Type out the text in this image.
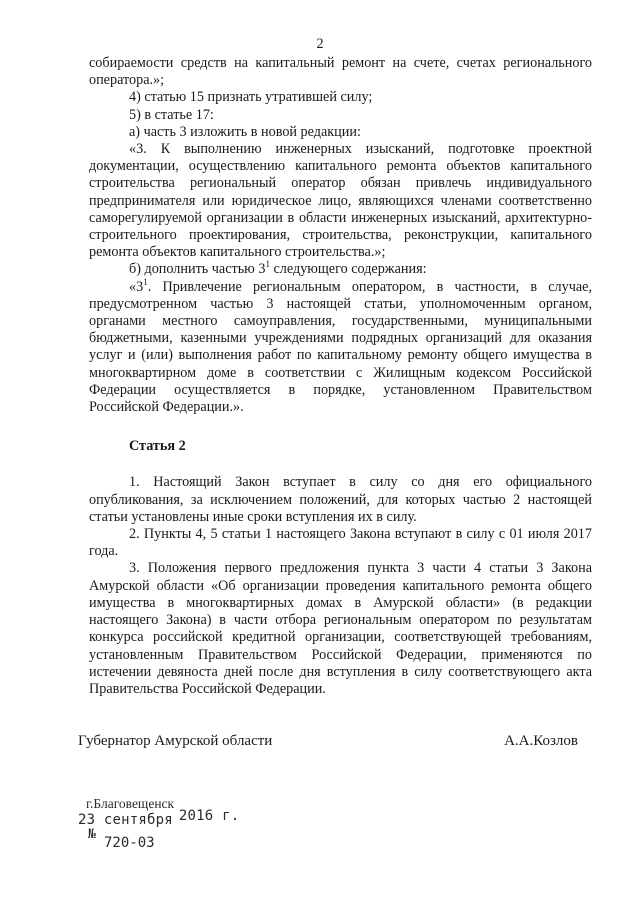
2

собираемости средств на капитальный ремонт на счете, счетах регионального оператора.»;

4) статью 15 признать утратившей силу;

5) в статье 17:

а) часть 3 изложить в новой редакции:

«3. К выполнению инженерных изысканий, подготовке проектной документации, осуществлению капитального ремонта объектов капитального строительства региональный оператор обязан привлечь индивидуального предпринимателя или юридическое лицо, являющихся членами соответственно саморегулируемой организации в области инженерных изысканий, архитектурно-строительного проектирования, строительства, реконструкции, капитального ремонта объектов капитального строительства.»;

б) дополнить частью $3^1$ следующего содержания:

«$3^1$. Привлечение региональным оператором, в частности, в случае, предусмотренном частью 3 настоящей статьи, уполномоченным органом, органами местного самоуправления, государственными, муниципальными бюджетными, казенными учреждениями подрядных организаций для оказания услуг и (или) выполнения работ по капитальному ремонту общего имущества в многоквартирном доме в соответствии с Жилищным кодексом Российской Федерации осуществляется в порядке, установленном Правительством Российской Федерации.».

Статья 2

1. Настоящий Закон вступает в силу со дня его официального опубликования, за исключением положений, для которых частью 2 настоящей статьи установлены иные сроки вступления их в силу.

2. Пункты 4, 5 статьи 1 настоящего Закона вступают в силу с 01 июля 2017 года.

3. Положения первого предложения пункта 3 части 4 статьи 3 Закона Амурской области «Об организации проведения капитального ремонта общего имущества в многоквартирных домах в Амурской области» (в редакции настоящего Закона) в части отбора региональным оператором по результатам конкурса российской кредитной организации, соответствующей требованиям, установленным Правительством Российской Федерации, применяются по истечении девяноста дней после дня вступления в силу соответствующего акта Правительства Российской Федерации.

Губернатор Амурской области	А.А.Козлов
г.Благовещенск
23 сентября 2016 г.
№
720-03
